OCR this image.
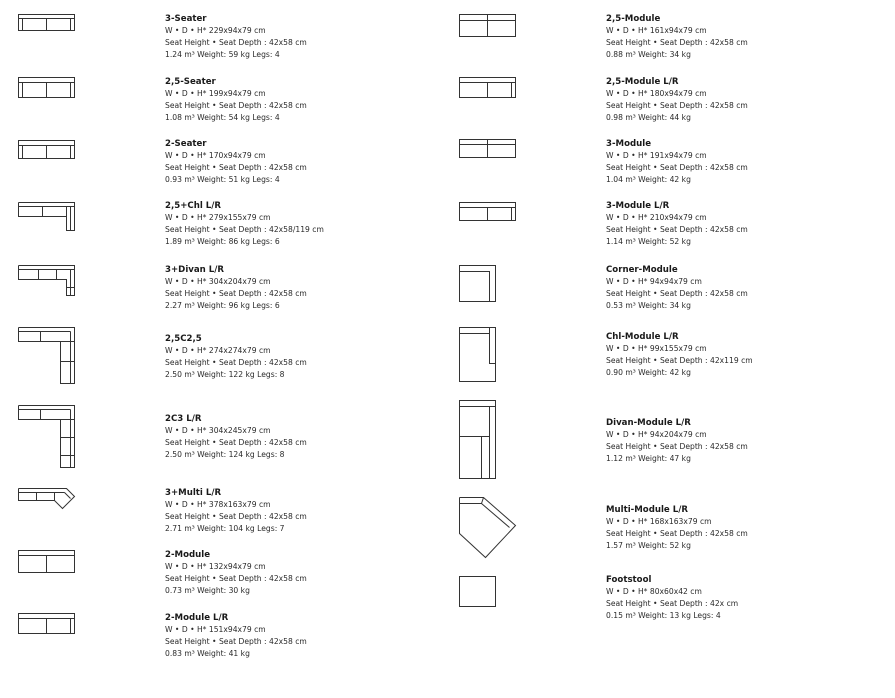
3-Seater
W • D • H* 229x94x79 cm
Seat Height • Seat Depth : 42x58 cm
1.24 m³ Weight: 59 kg Legs: 4
2,5-Seater
W • D • H* 199x94x79 cm
Seat Height • Seat Depth : 42x58 cm
1.08 m³ Weight: 54 kg Legs: 4
2-Seater
W • D • H* 170x94x79 cm
Seat Height • Seat Depth : 42x58 cm
0.93 m³ Weight: 51 kg Legs: 4
2,5+Chl L/R
W • D • H* 279x155x79 cm
Seat Height • Seat Depth : 42x58/119 cm
1.89 m³ Weight: 86 kg Legs: 6
3+Divan L/R
W • D • H* 304x204x79 cm
Seat Height • Seat Depth : 42x58 cm
2.27 m³ Weight: 96 kg Legs: 6
2,5C2,5
W • D • H* 274x274x79 cm
Seat Height • Seat Depth : 42x58 cm
2.50 m³ Weight: 122 kg Legs: 8
2C3 L/R
W • D • H* 304x245x79 cm
Seat Height • Seat Depth : 42x58 cm
2.50 m³ Weight: 124 kg Legs: 8
3+Multi L/R
W • D • H* 378x163x79 cm
Seat Height • Seat Depth : 42x58 cm
2.71 m³ Weight: 104 kg Legs: 7
2-Module
W • D • H* 132x94x79 cm
Seat Height • Seat Depth : 42x58 cm
0.73 m³ Weight: 30 kg
2-Module L/R
W • D • H* 151x94x79 cm
Seat Height • Seat Depth : 42x58 cm
0.83 m³ Weight: 41 kg
2,5-Module
W • D • H* 161x94x79 cm
Seat Height • Seat Depth : 42x58 cm
0.88 m³ Weight: 34 kg
2,5-Module L/R
W • D • H* 180x94x79 cm
Seat Height • Seat Depth : 42x58 cm
0.98 m³ Weight: 44 kg
3-Module
W • D • H* 191x94x79 cm
Seat Height • Seat Depth : 42x58 cm
1.04 m³ Weight: 42 kg
3-Module L/R
W • D • H* 210x94x79 cm
Seat Height • Seat Depth : 42x58 cm
1.14 m³ Weight: 52 kg
Corner-Module
W • D • H* 94x94x79 cm
Seat Height • Seat Depth : 42x58 cm
0.53 m³ Weight: 34 kg
Chl-Module L/R
W • D • H* 99x155x79 cm
Seat Height • Seat Depth : 42x119 cm
0.90 m³ Weight: 42 kg
Divan-Module L/R
W • D • H* 94x204x79 cm
Seat Height • Seat Depth : 42x58 cm
1.12 m³ Weight: 47 kg
Multi-Module L/R
W • D • H* 168x163x79 cm
Seat Height • Seat Depth : 42x58 cm
1.57 m³ Weight: 52 kg
Footstool
W • D • H* 80x60x42 cm
Seat Height • Seat Depth : 42x cm
0.15 m³ Weight: 13 kg Legs: 4
